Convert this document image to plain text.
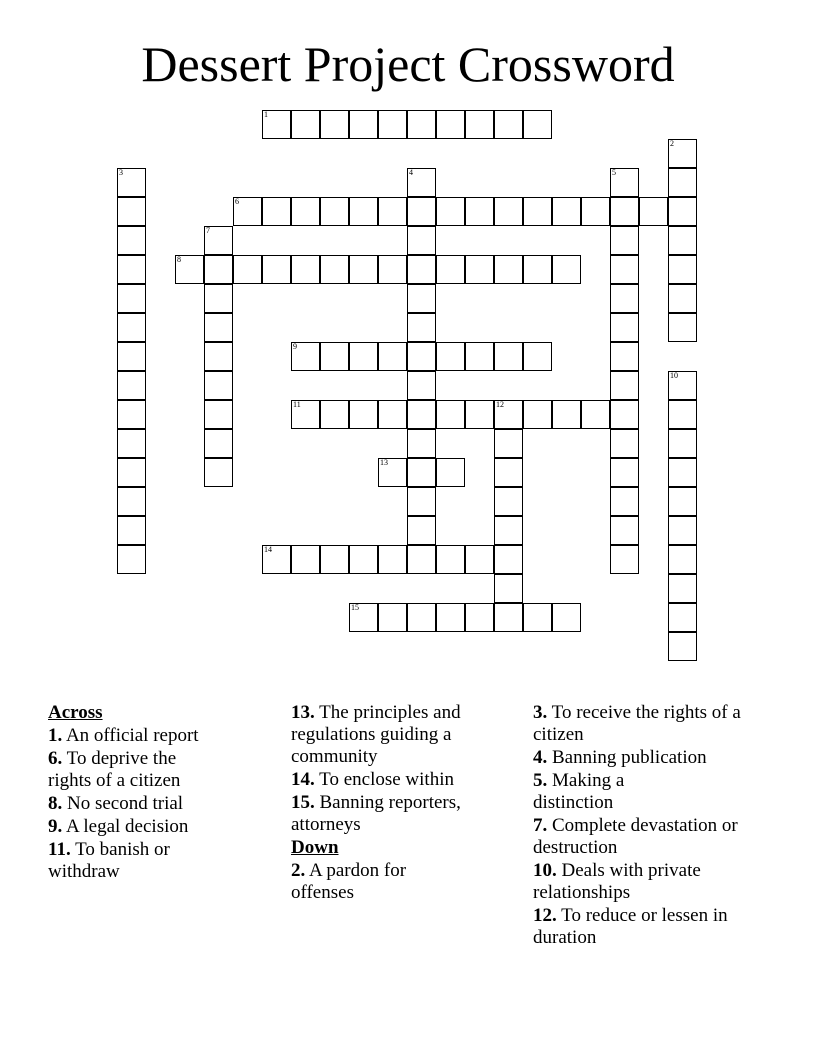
Dessert Project Crossword
1
2
3	4	5
6
7
8
9
10
11	12
13
14
15
Across
1. An official report
6. To deprive the rights of a citizen
8. No second trial
9. A legal decision
11. To banish or withdraw
13. The principles and regulations guiding a community
14. To enclose within
15. Banning reporters, attorneys
Down
2. A pardon for offenses
3. To receive the rights of a citizen
4. Banning publication
5. Making a distinction
7. Complete devastation or destruction
10. Deals with private relationships
12. To reduce or lessen in duration
